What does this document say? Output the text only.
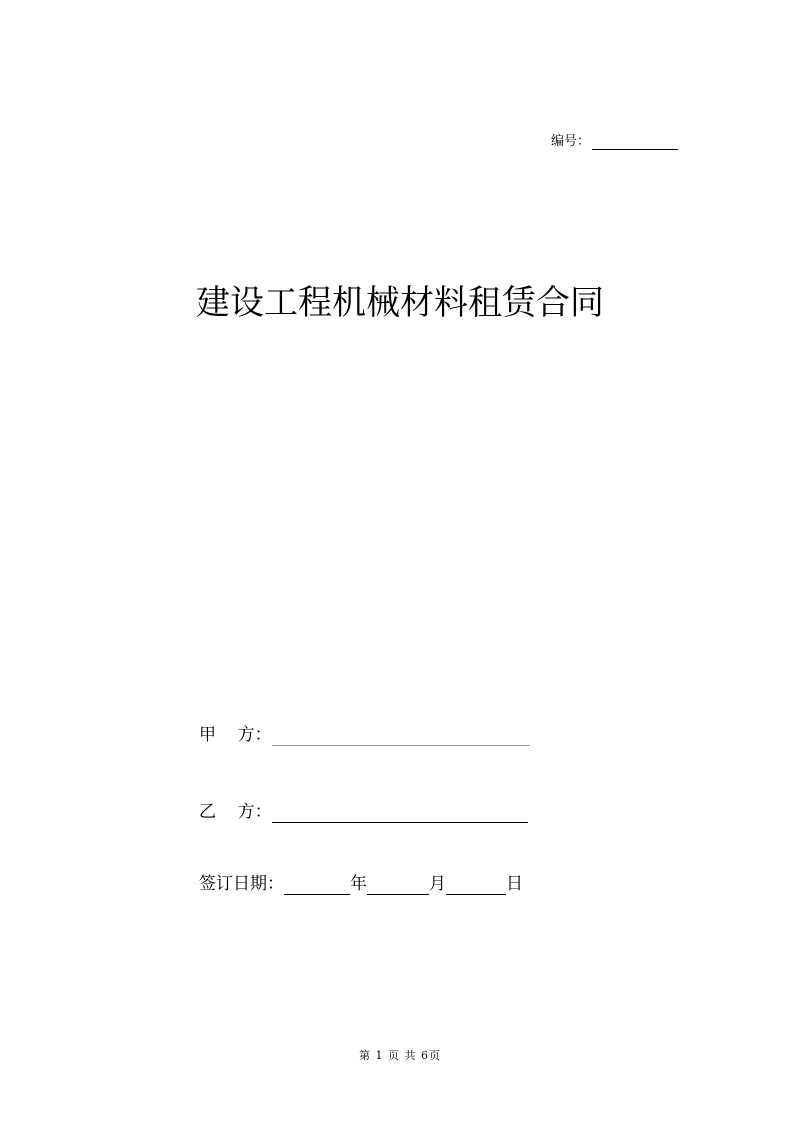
编号：
建设工程机械材料租赁合同
甲    方：
乙    方：
签订日期：	年	月	日
第 1 页 共 6页
